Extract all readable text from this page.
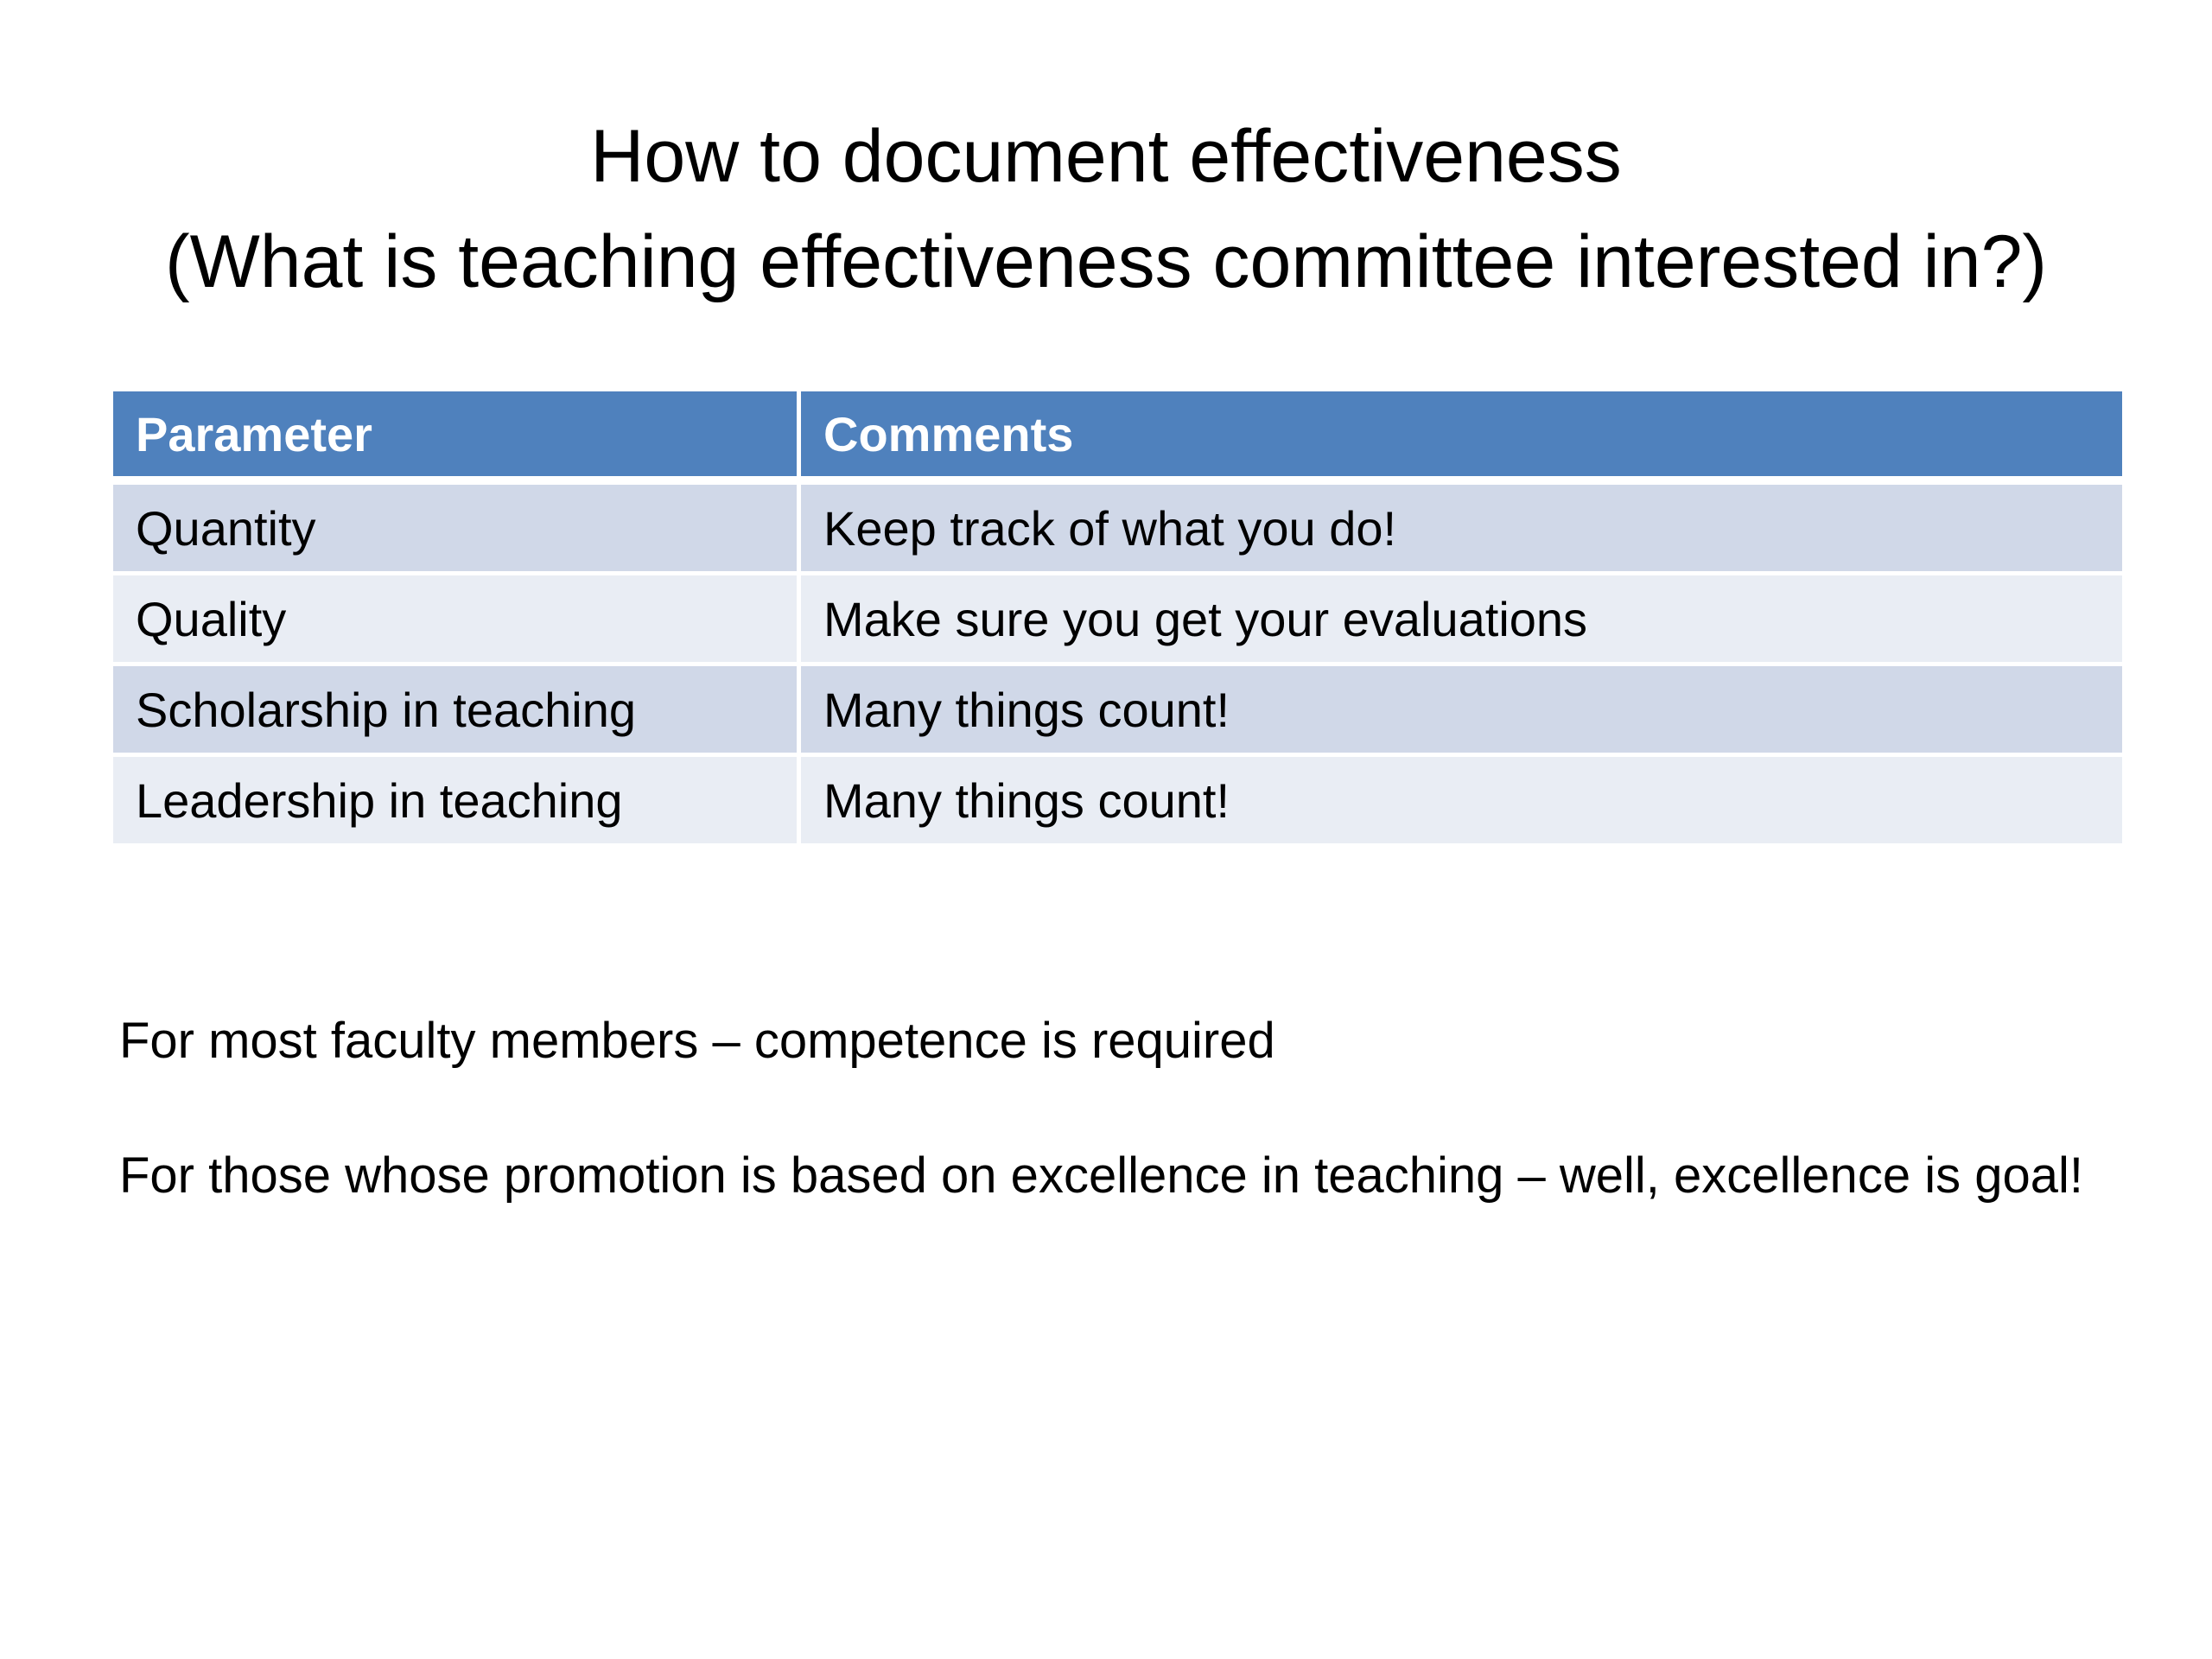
How to document effectiveness
(What is teaching effectiveness committee interested in?)
Parameter	Comments
Quantity	Keep track of what you do!
Quality	Make sure you get your evaluations
Scholarship in teaching	Many things count!
Leadership in teaching	Many things count!
For most faculty members – competence is required
For those whose promotion is based on excellence in teaching – well, excellence is goal!
